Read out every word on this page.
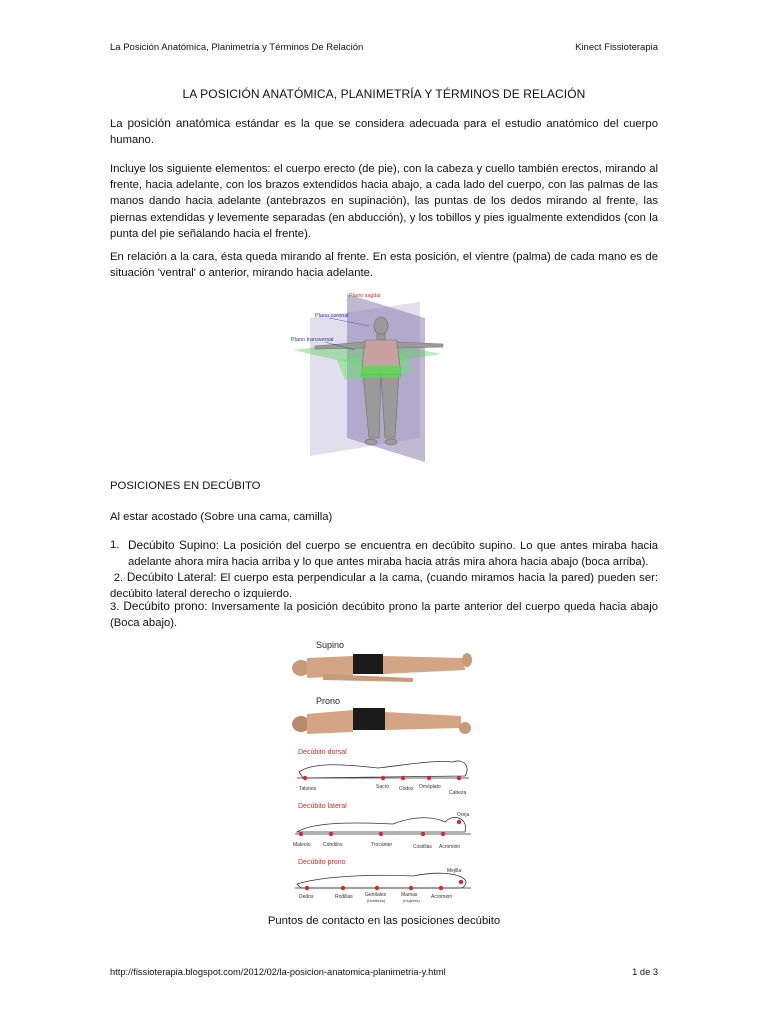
La Posición Anatómica, Planimetría y Términos De Relación	Kinect Fissioterapia
LA POSICIÓN ANATÓMICA, PLANIMETRÍA Y TÉRMINOS DE RELACIÓN
La posición anatómica estándar es la que se considera adecuada para el estudio anatómico del cuerpo humano.
Incluye los siguiente elementos: el cuerpo erecto (de pie), con la cabeza y cuello también erectos, mirando al frente, hacia adelante, con los brazos extendidos hacia abajo, a cada lado del cuerpo, con las palmas de las manos dando hacia adelante (antebrazos en supinación), las puntas de los dedos mirando al frente, las piernas extendidas y levemente separadas (en abducción), y los tobillos y pies igualmente extendidos (con la punta del pie señalando hacia el frente).
En relación a la cara, ésta queda mirando al frente. En esta posición, el vientre (palma) de cada mano es de situación 'ventral' o anterior, mirando hacia adelante.
Plano sagital
Plano coronal
Plano transversal
POSICIONES EN DECÚBITO
Al estar acostado (Sobre una cama, camilla)
1. Decúbito Supino: La posición del cuerpo se encuentra en decúbito supino. Lo que antes miraba hacia adelante ahora mira hacia arriba y lo que antes miraba hacia atrás mira ahora hacia abajo (boca arriba).
2. Decúbito Lateral: El cuerpo esta perpendicular a la cama, (cuando miramos hacia la pared) pueden ser: decúbito lateral derecho o izquierdo.
3. Decúbito prono: Inversamente la posición decúbito prono la parte anterior del cuerpo queda hacia abajo (Boca abajo).
Supino
Prono
Decúbito dorsal
Talones	Sacro Codos Omóplato
Cabeza
Decúbito lateral
Maleolo Cóndilos	Trocánter	Costillas Acromión
Oreja
Decúbito prono
Dedos	Rodillas Genitales
(hombres)
Mamas
(mujeres)
Acromión
Mejilla
Puntos de contacto en las posiciones decúbito
http://fissioterapia.blogspot.com/2012/02/la-posicion-anatomica-planimetria-y.html	1 de 3
